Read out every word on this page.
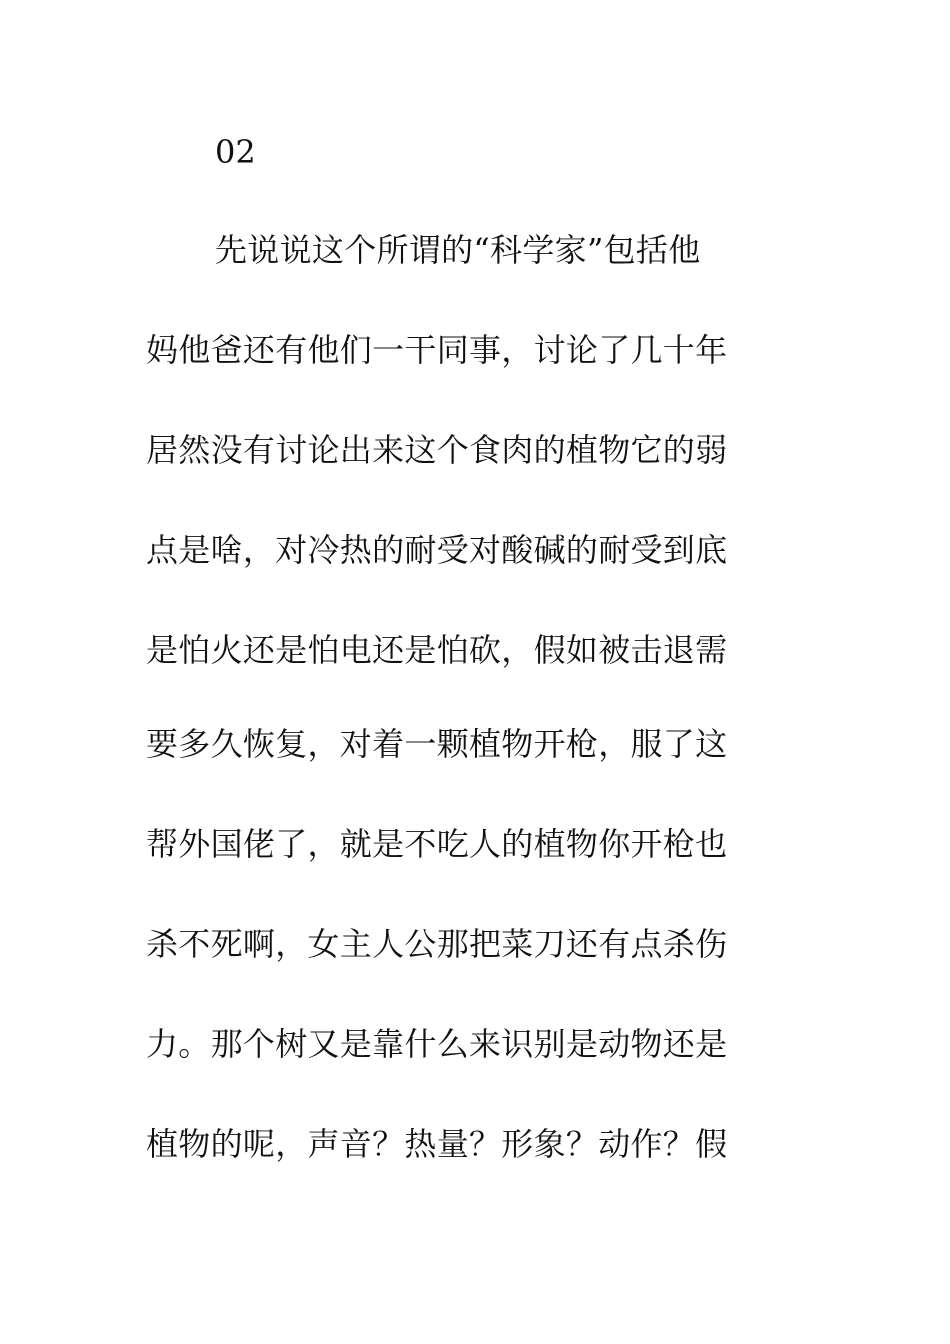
02

先说说这个所谓的“科学家”包括他

妈他爸还有他们一干同事，讨论了几十年

居然没有讨论出来这个食肉的植物它的弱

点是啥，对冷热的耐受对酸碱的耐受到底

是怕火还是怕电还是怕砍，假如被击退需

要多久恢复，对着一颗植物开枪，服了这

帮外国佬了，就是不吃人的植物你开枪也

杀不死啊，女主人公那把菜刀还有点杀伤

力。那个树又是靠什么来识别是动物还是

植物的呢，声音？热量？形象？动作？假
